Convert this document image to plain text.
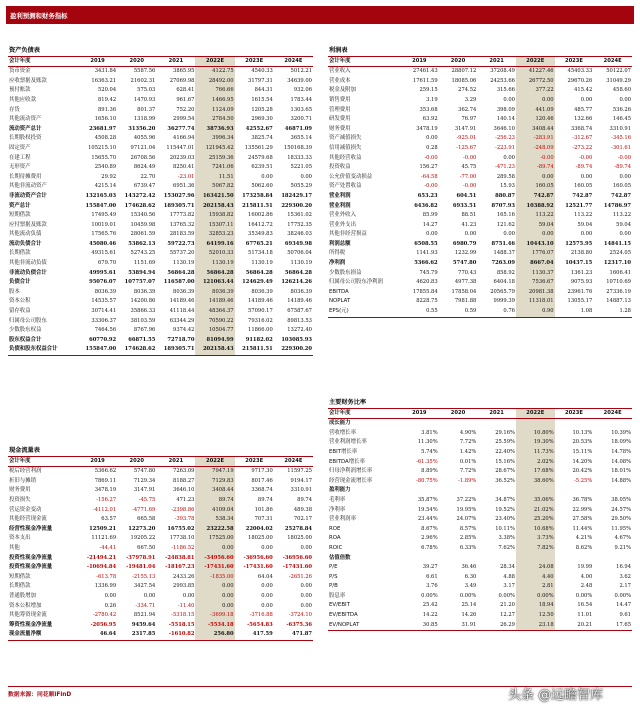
盈利预测和财务指标
资产负债表						
会计年度	2019	2020	2021	2022E	2023E	2024E
货币资金	3431.84	5587.56	3865.95	4122.75	4540.33	5012.21
应收票据及账款	16363.21	21602.31	27069.98	28492.00	31797.31	34639.00
预付账款	520.04	575.03	628.41	766.66	844.31	932.06
其他应收款	819.42	1470.93	961.67	1466.95	1615.54	1783.44
存货	891.36	801.37	752.20	1124.09	1205.28	1303.65
其他流动资产	1656.10	1318.99	2999.54	2784.50	2969.30	3200.71
流动资产总计	23681.97	31356.20	36277.74	38736.93	42552.67	46871.09
长期股权投资	4508.28	4055.96	4166.94	3996.34	3825.74	3655.14
固定资产	105215.10	97121.04	115447.01	121945.42	135561.29	150168.39
在建工程	15655.70	26708.56	20239.03	25159.36	24579.68	18333.33
无形资产	2540.89	8624.49	8250.41	7241.06	6239.51	5221.05
长期待摊费用	29.92	22.70	-23.01	11.51	0.00	0.00
其他非流动资产	4215.14	6739.47	6951.36	5067.82	5062.60	5055.29
非流动资产合计	132165.03	143272.42	153027.96	163421.50	173258.84	182429.17
资产总计	155847.00	174628.62	189305.71	202158.43	215811.51	229300.20
短期借款	17495.49	15340.56	17773.82	15938.82	16002.86	15361.02
应付票据及账款	10019.01	10459.98	13765.32	15307.11	16412.72	17752.35
其他流动负债	17565.76	28061.59	28183.59	32853.23	35349.83	38246.03
流动负债合计	45080.46	53862.13	59722.73	64199.16	67765.21	69349.98
长期借款	49315.61	52743.25	55737.20	52010.33	51734.18	50706.04
其他非流动负债	679.70	1151.69	1130.19	1130.19	1130.19	1130.19
非流动负债合计	49995.61	53894.94	56864.28	56864.28	56864.28	56864.28
负债合计	95076.07	107757.07	116587.00	121063.44	124629.49	126214.26
股本	8036.39	8036.39	8036.39	8036.39	8036.39	8036.39
资本公积	14535.57	14200.86	14189.46	14189.46	14189.46	14189.46
留存收益	30714.41	35866.33	41118.44	48364.37	57090.17	67587.67
归属母公司股东	33306.37	38103.59	63344.29	70590.22	79316.02	89813.53
少数股东权益	7464.56	8767.96	9374.42	10504.77	11866.00	13272.40
股东权益合计	60770.92	66871.55	72718.70	81094.99	91182.02	103085.93
负债和股东权益合计	155847.00	174628.62	189305.71	202158.43	215811.51	229300.20
利润表						
会计年度	2019	2020	2021	2022E	2023E	2024E
营业收入	27461.43	28807.12	37208.49	41227.46	45403.33	50122.07
营业成本	17611.59	18085.06	24253.66	26772.50	29670.26	31049.29
税金及附加	259.15	274.52	315.66	377.22	415.42	458.60
销售费用	3.19	3.29	0.00	0.00	0.00	0.00
管理费用	353.68	362.74	398.09	441.09	485.77	536.26
研发费用	63.92	76.97	140.14	120.46	132.66	146.45
财务费用	3478.19	3147.91	3646.10	3408.44	3368.74	3310.91
资产减值损失	0.00	-925.01	-256.23	-283.91	-312.67	-345.16
信用减值损失	0.28	-125.67	-223.91	-248.09	-273.22	-301.61
其他经营收益	-0.00	-0.00	0.00	-0.00	-0.00	-0.00
投资收益	156.27	45.75	-471.23	-89.74	-89.74	-89.74
公允价值变动损益	-64.58	-77.00	289.58	0.00	0.00	0.00
资产处置收益	-0.00	-0.00	15.93	160.05	160.05	160.05
营业利润	653.23	604.51	880.87	742.87	742.87	742.87
营业利润	6436.82	6933.51	8707.93	10388.92	12521.77	14786.97
营业外收入	85.99	88.51	165.16	113.22	113.22	113.22
营业外支出	14.27	41.23	121.62	59.04	59.04	59.04
其他非经营损益	0.00	0.00	0.00	0.00	0.00	0.00
利润总额	6508.55	6980.79	8751.46	10443.10	12575.95	14841.15
所得税	1141.93	1232.99	1488.37	1776.07	2138.80	2524.05
净利润	5366.62	5747.80	7263.09	8667.04	10437.15	12317.10
少数股东损益	745.79	770.43	858.92	1130.37	1361.23	1606.41
归属母公司股东净利润	4620.83	4977.38	6404.18	7536.67	9075.93	10710.69
EBITDA	17855.84	17858.04	20565.79	20981.38	23961.76	27336.19
NOPLAT	8228.75	7981.88	9999.39	11318.01	13055.17	14887.13
EPS(元)	0.55	0.59	0.76	0.90	1.08	1.28
主要财务比率						
会计年度	2019	2020	2021	2022E	2023E	2024E
成长能力						
营收增长率	3.81%	4.90%	29.16%	10.80%	10.13%	10.39%
营业利润增长率	11.30%	7.72%	25.59%	19.30%	20.53%	18.09%
EBIT增长率	5.74%	1.42%	22.40%	11.73%	15.11%	14.78%
EBITDA增长率	-61.35%	0.01%	15.16%	2.02%	14.20%	14.08%
归母净利润增长率	8.89%	7.72%	28.67%	17.68%	20.42%	18.01%
经营现金流增长率	-80.75%	-1.89%	36.52%	38.60%	-5.25%	14.88%
盈利能力						
毛利率	35.87%	37.22%	34.87%	35.06%	36.78%	38.05%
净利率	19.54%	19.95%	19.52%	21.02%	22.99%	24.57%
营业利润率	23.44%	24.07%	23.40%	25.20%	27.58%	29.50%
ROE	8.67%	8.57%	10.11%	10.68%	11.44%	11.95%
ROA	2.96%	2.85%	3.38%	3.73%	4.21%	4.67%
ROIC	6.78%	6.33%	7.62%	7.82%	8.62%	9.21%
估值倍数						
P/E	39.27	36.46	28.34	24.08	19.99	16.94
P/S	6.61	6.30	4.88	4.40	4.00	3.62
P/B	3.76	3.49	3.17	2.81	2.48	2.17
股息率	0.00%	0.00%	0.00%	0.00%	0.00%	0.00%
EV/EBIT	25.42	25.14	21.20	18.94	16.54	14.47
EV/EBITDA	14.22	14.26	12.27	12.50	11.01	9.61
EV/NOPLAT	30.85	31.91	26.29	23.18	20.21	17.65
现金流量表						
会计年度	2019	2020	2021	2022E	2023E	2024E
税后经营利润	5366.62	5747.80	7263.09	7947.19	9717.30	11597.25
折旧与摊销	7869.11	7129.34	8188.27	7129.83	8017.46	9194.17
财务费用	3478.19	3147.91	3646.10	3408.44	3368.74	3310.91
投资损失	-156.27	-45.75	471.23	89.74	89.74	89.74
营运资金变动	-4112.01	-4771.69	-2398.86	4109.04	101.86	489.38
其他经营现金流	63.57	665.58	-393.78	538.34	707.31	702.17
经营性现金净流量	12509.21	12273.20	16755.02	23222.58	22004.02	25278.84
资本支出	11121.69	19205.22	17738.10	17525.00	18025.00	18025.00
其他	-44.41	667.50	-1186.52	0.00	0.00	0.00
投资性现金净流量	-21494.21	-37978.91	-24838.81	-34956.60	-36956.60	-36956.60
投资性现金净流量	-10694.84	-19481.04	-18167.23	-17431.60	-17431.60	-17431.60
短期借款	-613.78	-2155.13	2433.26	-1835.00	64.04	-2651.26
长期借款	1336.99	3427.54	2993.85	0.00	0.00	0.00
普通股增加	0.00	0.00	0.00	0.00	0.00	0.00
资本公积增加	0.26	-334.71	-11.40	0.00	0.00	0.00
其他筹资现金流	-2780.42	8521.94	-5318.15	-3699.18	-3716.88	-3724.10
筹资性现金净流量	-2056.95	9459.64	-5518.15	-5534.18	-5654.83	-6375.36
现金流量净额	46.64	2317.85	-1610.82	256.80	417.59	471.87
数据来源：同花顺iFinD	头条 @远瞻智库
